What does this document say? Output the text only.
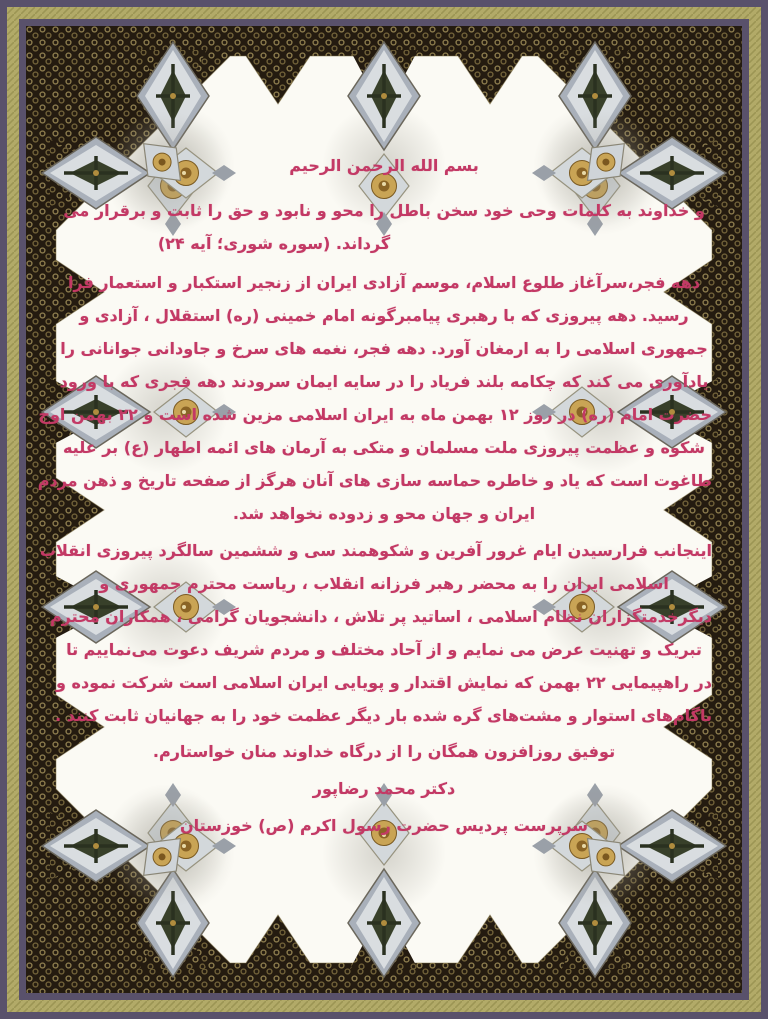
بسم الله الرحمن الرحیم
و خداوند به کلمات وحی خود سخن باطل را محو و نابود و حق را ثابت و برقرار می
گرداند. (سوره شوری؛ آیه ۲۴)
دهه فجر،سرآغاز طلوع اسلام، موسم آزادی ایران از زنجیر استکبار و استعمار فرا
رسید. دهه پیروزی که با رهبری پیامبرگونه امام خمینی (ره) استقلال ، آزادی و
جمهوری اسلامی را به ارمغان آورد. دهه فجر، نغمه های سرخ و جاودانی جوانانی را
یادآوری می کند که چکامه بلند فریاد را در سایه ایمان سرودند دهه فجری که با ورود
حضرت امام (ره) در روز ۱۲ بهمن ماه به ایران اسلامی مزین شده است و ۲۲ بهمن اوج
شکوه و عظمت پیروزی ملت مسلمان و متکی به آرمان های ائمه اطهار (ع) بر علیه
طاغوت است که یاد و خاطره حماسه سازی های آنان هرگز از صفحه تاریخ و ذهن مردم
ایران و جهان محو و زدوده نخواهد شد.
اینجانب فرارسیدن ایام غرور آفرین و شکوهمند سی و ششمین سالگرد پیروزی انقلاب
اسلامی ایران را به محضر رهبر فرزانه انقلاب ، ریاست محترم جمهوری و
دیگرخدمتگزاران نظام اسلامی ، اساتید پر تلاش ، دانشجویان گرامی ، همکاران محترم
تبریک و تهنیت عرض می نمایم و از آحاد مختلف و مردم شریف دعوت می‌نماییم تا
در راهپیمایی ۲۲ بهمن که نمایش اقتدار و پویایی ایران اسلامی است شرکت نموده و
باگام‌های استوار و مشت‌های گره شده بار دیگر عظمت خود را به جهانیان ثابت کنند .
توفیق روزافزون همگان را از درگاه خداوند منان خواستارم.
دکتر محمد رضاپور
سرپرست پردیس حضرت رسول اکرم (ص) خوزستان
